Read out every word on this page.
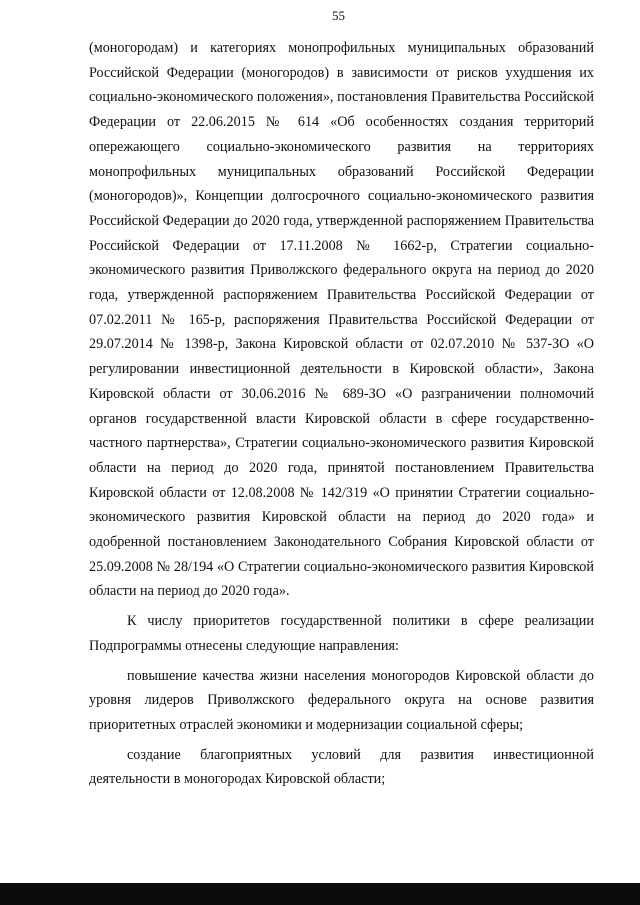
55

(моногородам) и категориях монопрофильных муниципальных образований Российской Федерации (моногородов) в зависимости от рисков ухудшения их социально-экономического положения», постановления Правительства Российской Федерации от 22.06.2015 № 614 «Об особенностях создания территорий опережающего социально-экономического развития на территориях монопрофильных муниципальных образований Российской Федерации (моногородов)», Концепции долгосрочного социально-экономического развития Российской Федерации до 2020 года, утвержденной распоряжением Правительства Российской Федерации от 17.11.2008 № 1662-р, Стратегии социально-экономического развития Приволжского федерального округа на период до 2020 года, утвержденной распоряжением Правительства Российской Федерации от 07.02.2011 № 165-р, распоряжения Правительства Российской Федерации от 29.07.2014 № 1398-р, Закона Кировской области от 02.07.2010 № 537-ЗО «О регулировании инвестиционной деятельности в Кировской области», Закона Кировской области от 30.06.2016 № 689-ЗО «О разграничении полномочий органов государственной власти Кировской области в сфере государственно-частного партнерства», Стратегии социально-экономического развития Кировской области на период до 2020 года, принятой постановлением Правительства Кировской области от 12.08.2008 № 142/319 «О принятии Стратегии социально-экономического развития Кировской области на период до 2020 года» и одобренной постановлением Законодательного Собрания Кировской области от 25.09.2008 № 28/194 «О Стратегии социально-экономического развития Кировской области на период до 2020 года».

К числу приоритетов государственной политики в сфере реализации Подпрограммы отнесены следующие направления:

повышение качества жизни населения моногородов Кировской области до уровня лидеров Приволжского федерального округа на основе развития приоритетных отраслей экономики и модернизации социальной сферы;

создание благоприятных условий для развития инвестиционной деятельности в моногородах Кировской области;
